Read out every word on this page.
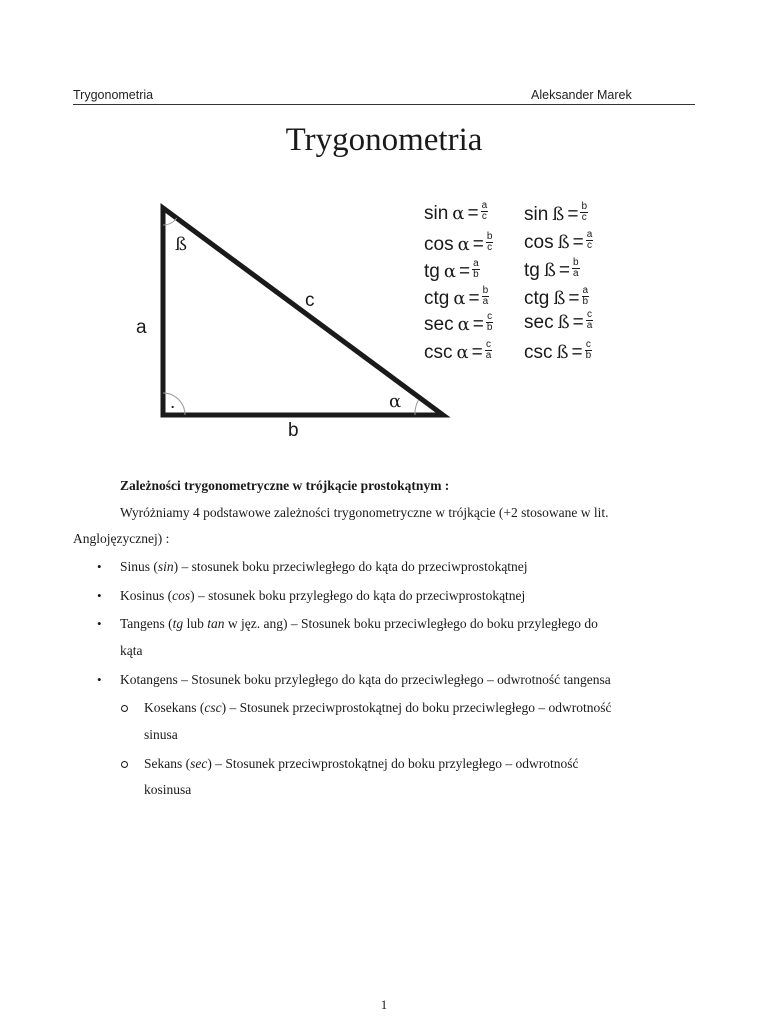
Trygonometria	Aleksander Marek
Trygonometria
a
b
c
ß
α
.
$\sin \alpha = \frac{a}{c}$
$\cos \alpha = \frac{b}{c}$
tg $\alpha = \frac{a}{b}$
ctg $\alpha = \frac{b}{a}$
$\sec \alpha = \frac{c}{b}$
$\csc \alpha = \frac{c}{a}$
sin ß = $\frac{b}{c}$
cos ß = $\frac{a}{c}$
tg ß = $\frac{b}{a}$
ctg ß = $\frac{a}{b}$
sec ß = $\frac{c}{a}$
csc ß = $\frac{c}{b}$
Zależności trygonometryczne w trójkącie prostokątnym :
Wyróżniamy 4 podstawowe zależności trygonometryczne w trójkącie (+2 stosowane w lit.
Anglojęzycznej) :
• Sinus (sin) – stosunek boku przeciwległego do kąta do przeciwprostokątnej
• Kosinus (cos) – stosunek boku przyległego do kąta do przeciwprostokątnej
• Tangens (tg lub tan w jęz. ang) – Stosunek boku przeciwległego do boku przyległego do
kąta
• Kotangens – Stosunek boku przyległego do kąta do przeciwległego – odwrotność tangensa
Kosekans (csc) – Stosunek przeciwprostokątnej do boku przeciwległego – odwrotność
sinusa
Sekans (sec) – Stosunek przeciwprostokątnej do boku przyległego – odwrotność
kosinusa
1
